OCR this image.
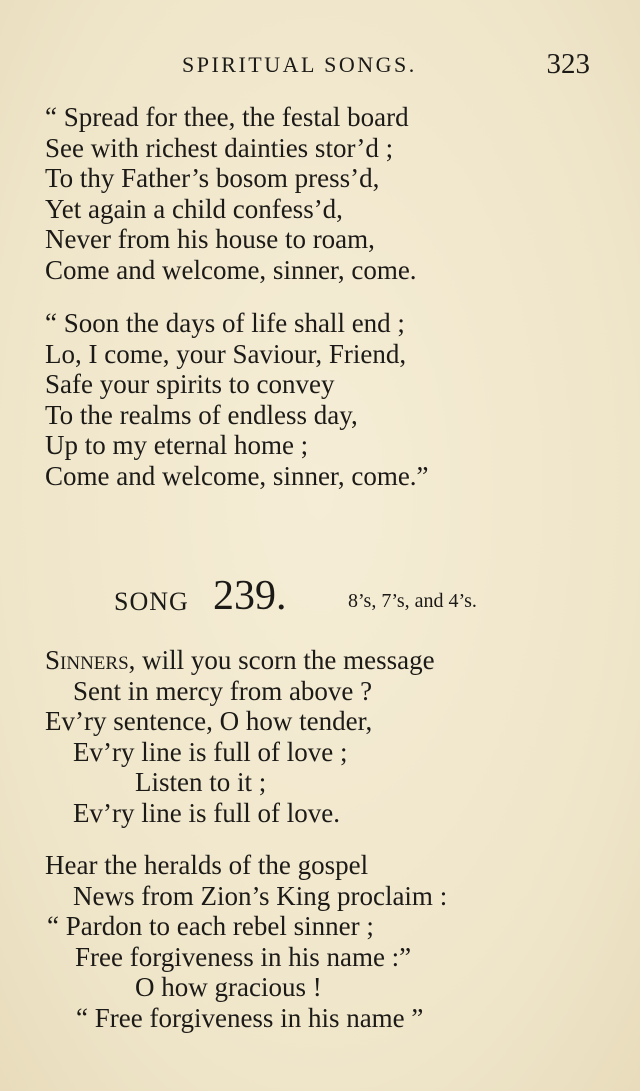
SPIRITUAL SONGS.	323
“ Spread for thee, the festal board
See with richest dainties stor’d ;
To thy Father’s bosom press’d,
Yet again a child confess’d,
Never from his house to roam,
Come and welcome, sinner, come.
“ Soon the days of life shall end ;
Lo, I come, your Saviour, Friend,
Safe your spirits to convey
To the realms of endless day,
Up to my eternal home ;
Come and welcome, sinner, come.”
SONG 239.	8’s, 7’s, and 4’s.
Sinners, will you scorn the message
Sent in mercy from above ?
Ev’ry sentence, O how tender,
Ev’ry line is full of love ;
Listen to it ;
Ev’ry line is full of love.
Hear the heralds of the gospel
News from Zion’s King proclaim :
“ Pardon to each rebel sinner ;
Free forgiveness in his name :”
O how gracious !
“ Free forgiveness in his name ”
